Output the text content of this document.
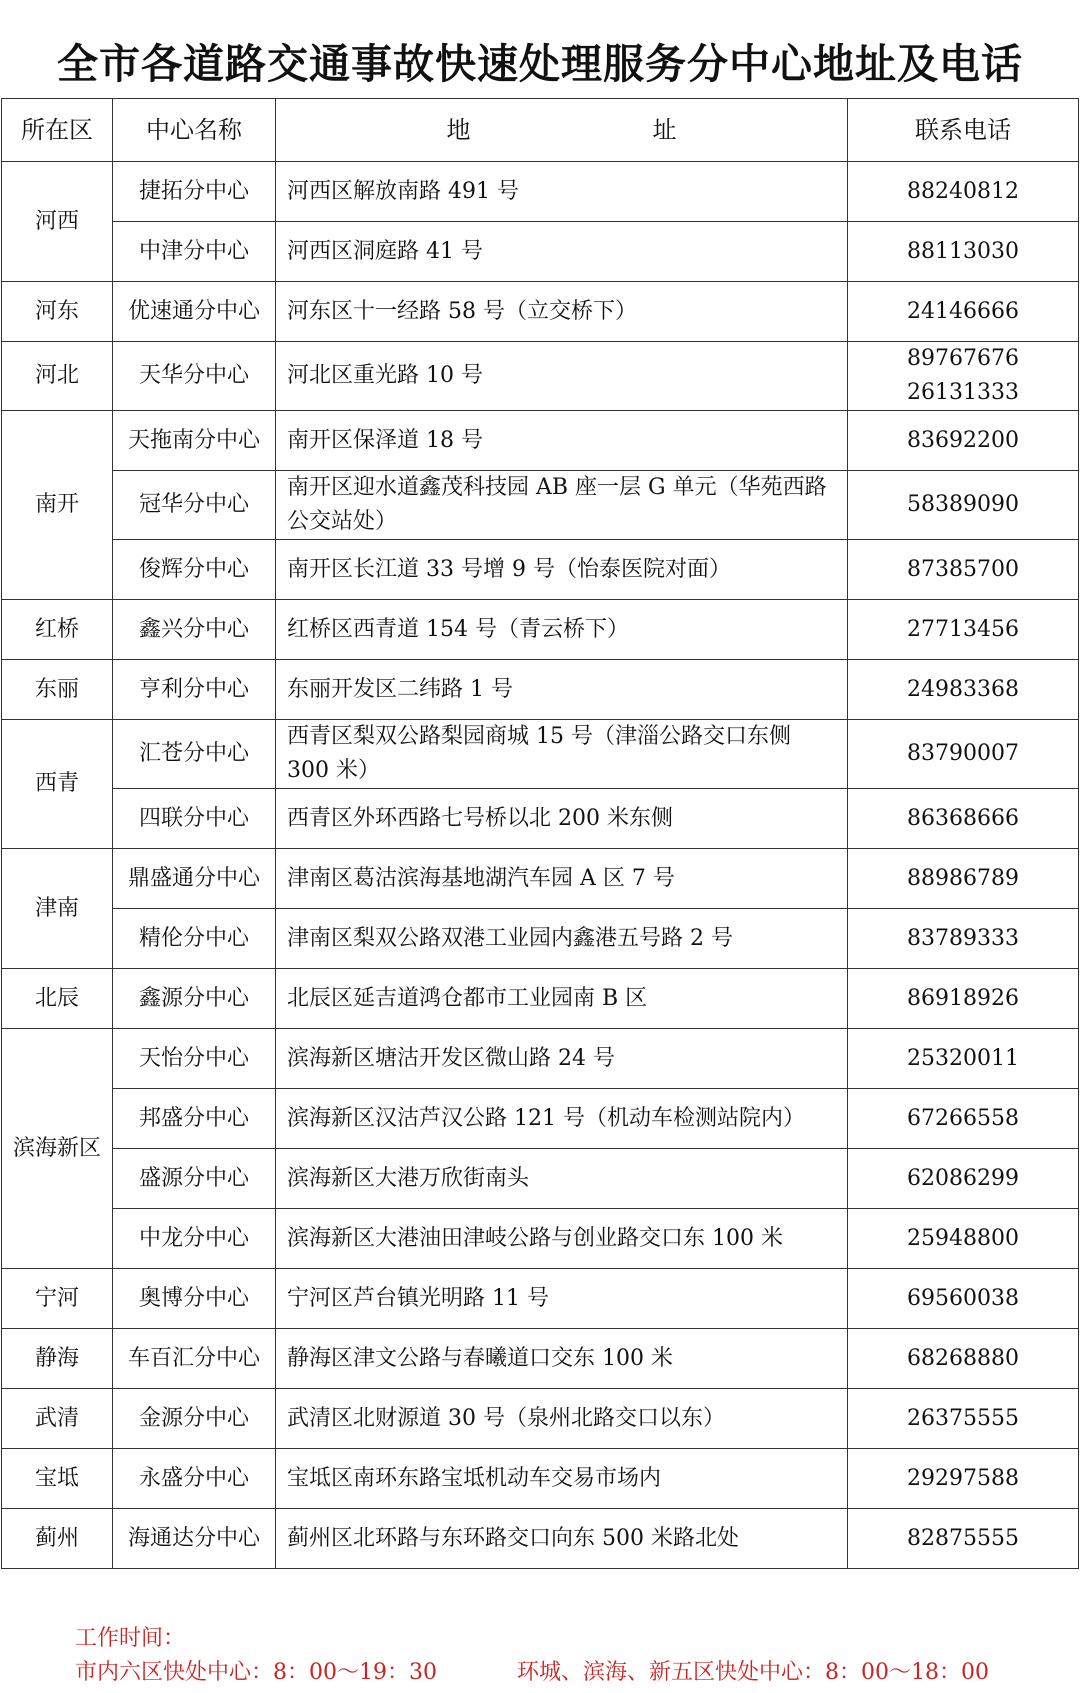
全市各道路交通事故快速处理服务分中心地址及电话
所在区	中心名称	地 址	联系电话
河西	捷拓分中心	河西区解放南路 491 号	88240812

	中津分中心	河西区洞庭路 41 号	88113030

河东	优速通分中心	河东区十一经路 58 号（立交桥下）	24146666

河北	天华分中心	河北区重光路 10 号	89767676
26131333

南开	天拖南分中心	南开区保泽道 18 号	83692200

	冠华分中心	南开区迎水道鑫茂科技园 AB 座一层 G 单元（华苑西路公交站处）	58389090

	俊辉分中心	南开区长江道 33 号增 9 号（怡泰医院对面）	87385700

红桥	鑫兴分中心	红桥区西青道 154 号（青云桥下）	27713456

东丽	亨利分中心	东丽开发区二纬路 1 号	24983368

西青	汇苍分中心	西青区梨双公路梨园商城 15 号（津淄公路交口东侧 300 米）	83790007

	四联分中心	西青区外环西路七号桥以北 200 米东侧	86368666

津南	鼎盛通分中心	津南区葛沽滨海基地湖汽车园 A 区 7 号	88986789

	精伦分中心	津南区梨双公路双港工业园内鑫港五号路 2 号	83789333

北辰	鑫源分中心	北辰区延吉道鸿仓都市工业园南 B 区	86918926

滨海新区	天怡分中心	滨海新区塘沽开发区微山路 24 号	25320011

	邦盛分中心	滨海新区汉沽芦汉公路 121 号（机动车检测站院内）	67266558

	盛源分中心	滨海新区大港万欣街南头	62086299

	中龙分中心	滨海新区大港油田津岐公路与创业路交口东 100 米	25948800

宁河	奥博分中心	宁河区芦台镇光明路 11 号	69560038

静海	车百汇分中心	静海区津文公路与春曦道口交东 100 米	68268880

武清	金源分中心	武清区北财源道 30 号（泉州北路交口以东）	26375555

宝坻	永盛分中心	宝坻区南环东路宝坻机动车交易市场内	29297588

蓟州	海通达分中心	蓟州区北环路与东环路交口向东 500 米路北处	82875555
工作时间：
市内六区快处中心：8：00～19：30	环城、滨海、新五区快处中心：8：00～18：00
